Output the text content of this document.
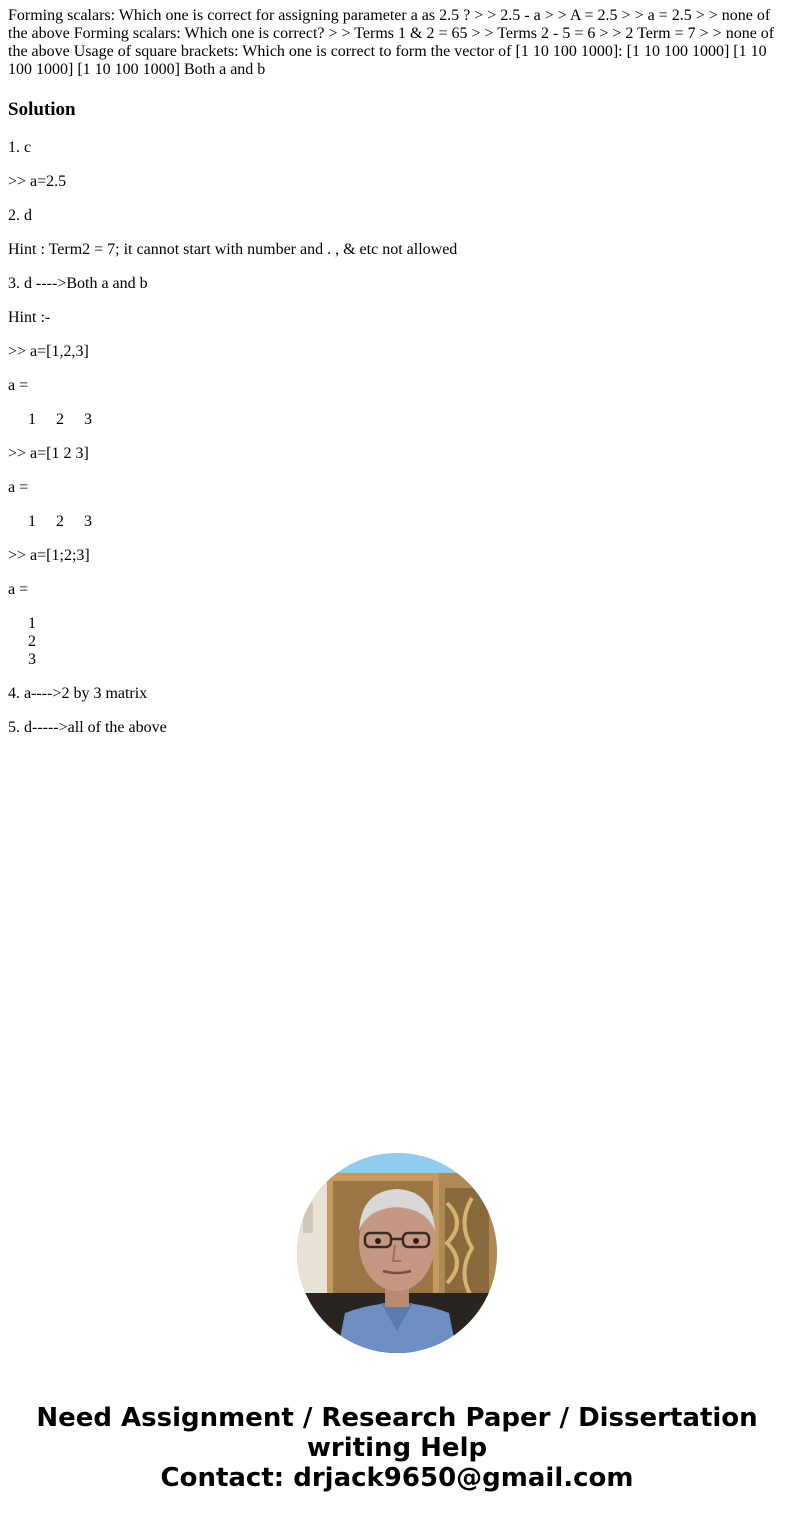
Forming scalars: Which one is correct for assigning parameter a as 2.5 ? > > 2.5 - a > > A = 2.5 > > a = 2.5 > > none of the above Forming scalars: Which one is correct? > > Terms 1 & 2 = 65 > > Terms 2 - 5 = 6 > > 2 Term = 7 > > none of the above Usage of square brackets: Which one is correct to form the vector of [1 10 100 1000]: [1 10 100 1000] [1 10 100 1000] [1 10 100 1000] Both a and b
Solution

1. c

>> a=2.5

2. d

Hint : Term2 = 7; it cannot start with number and . , & etc not allowed

3. d ---->Both a and b

Hint :-

>> a=[1,2,3]

a =

1     2     3

>> a=[1 2 3]

a =

1     2     3

>> a=[1;2;3]

a =

1

2

3

4. a---->2 by 3 matrix

5. d----->all of the above

Need Assignment / Research Paper / Dissertation
writing Help
Contact: drjack9650@gmail.com
